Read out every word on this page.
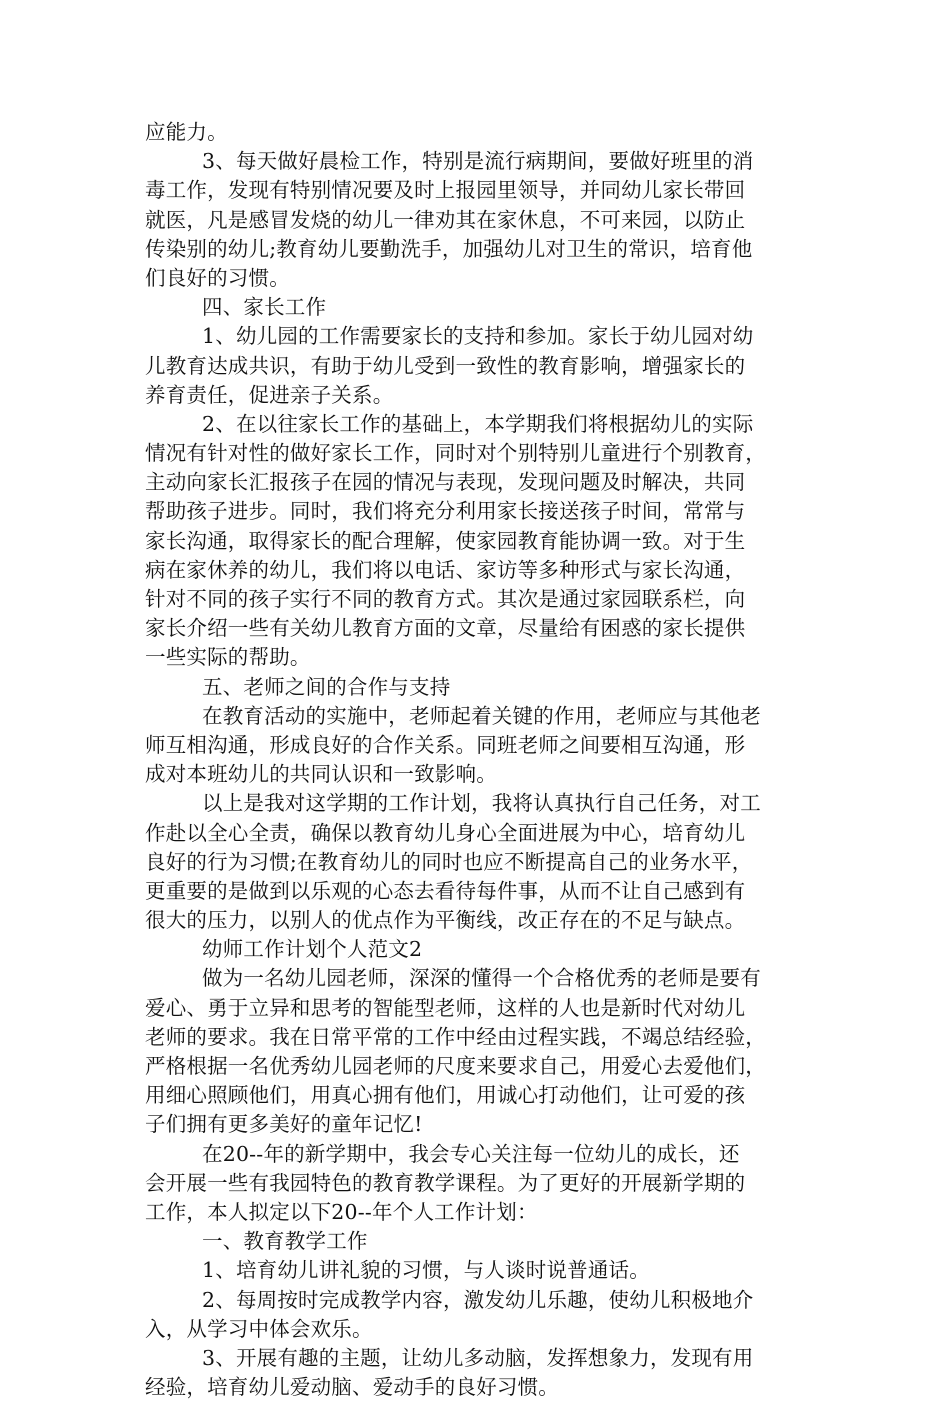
应能力。
3、每天做好晨检工作，特别是流行病期间，要做好班里的消
毒工作，发现有特别情况要及时上报园里领导，并同幼儿家长带回
就医，凡是感冒发烧的幼儿一律劝其在家休息，不可来园，以防止
传染别的幼儿;教育幼儿要勤洗手，加强幼儿对卫生的常识，培育他
们良好的习惯。
四、家长工作
1、幼儿园的工作需要家长的支持和参加。家长于幼儿园对幼
儿教育达成共识，有助于幼儿受到一致性的教育影响，增强家长的
养育责任，促进亲子关系。
2、在以往家长工作的基础上，本学期我们将根据幼儿的实际
情况有针对性的做好家长工作，同时对个别特别儿童进行个别教育，
主动向家长汇报孩子在园的情况与表现，发现问题及时解决，共同
帮助孩子进步。同时，我们将充分利用家长接送孩子时间，常常与
家长沟通，取得家长的配合理解，使家园教育能协调一致。对于生
病在家休养的幼儿，我们将以电话、家访等多种形式与家长沟通，
针对不同的孩子实行不同的教育方式。其次是通过家园联系栏，向
家长介绍一些有关幼儿教育方面的文章，尽量给有困惑的家长提供
一些实际的帮助。
五、老师之间的合作与支持
在教育活动的实施中，老师起着关键的作用，老师应与其他老
师互相沟通，形成良好的合作关系。同班老师之间要相互沟通，形
成对本班幼儿的共同认识和一致影响。
以上是我对这学期的工作计划，我将认真执行自己任务，对工
作赴以全心全责，确保以教育幼儿身心全面进展为中心，培育幼儿
良好的行为习惯;在教育幼儿的同时也应不断提高自己的业务水平，
更重要的是做到以乐观的心态去看待每件事，从而不让自己感到有
很大的压力，以别人的优点作为平衡线，改正存在的不足与缺点。
幼师工作计划个人范文2
做为一名幼儿园老师，深深的懂得一个合格优秀的老师是要有
爱心、勇于立异和思考的智能型老师，这样的人也是新时代对幼儿
老师的要求。我在日常平常的工作中经由过程实践，不竭总结经验，
严格根据一名优秀幼儿园老师的尺度来要求自己，用爱心去爱他们，
用细心照顾他们，用真心拥有他们，用诚心打动他们，让可爱的孩
子们拥有更多美好的童年记忆!
在20--年的新学期中，我会专心关注每一位幼儿的成长，还
会开展一些有我园特色的教育教学课程。为了更好的开展新学期的
工作，本人拟定以下20--年个人工作计划：
一、教育教学工作
1、培育幼儿讲礼貌的习惯，与人谈时说普通话。
2、每周按时完成教学内容，激发幼儿乐趣，使幼儿积极地介
入，从学习中体会欢乐。
3、开展有趣的主题，让幼儿多动脑，发挥想象力，发现有用
经验，培育幼儿爱动脑、爱动手的良好习惯。
